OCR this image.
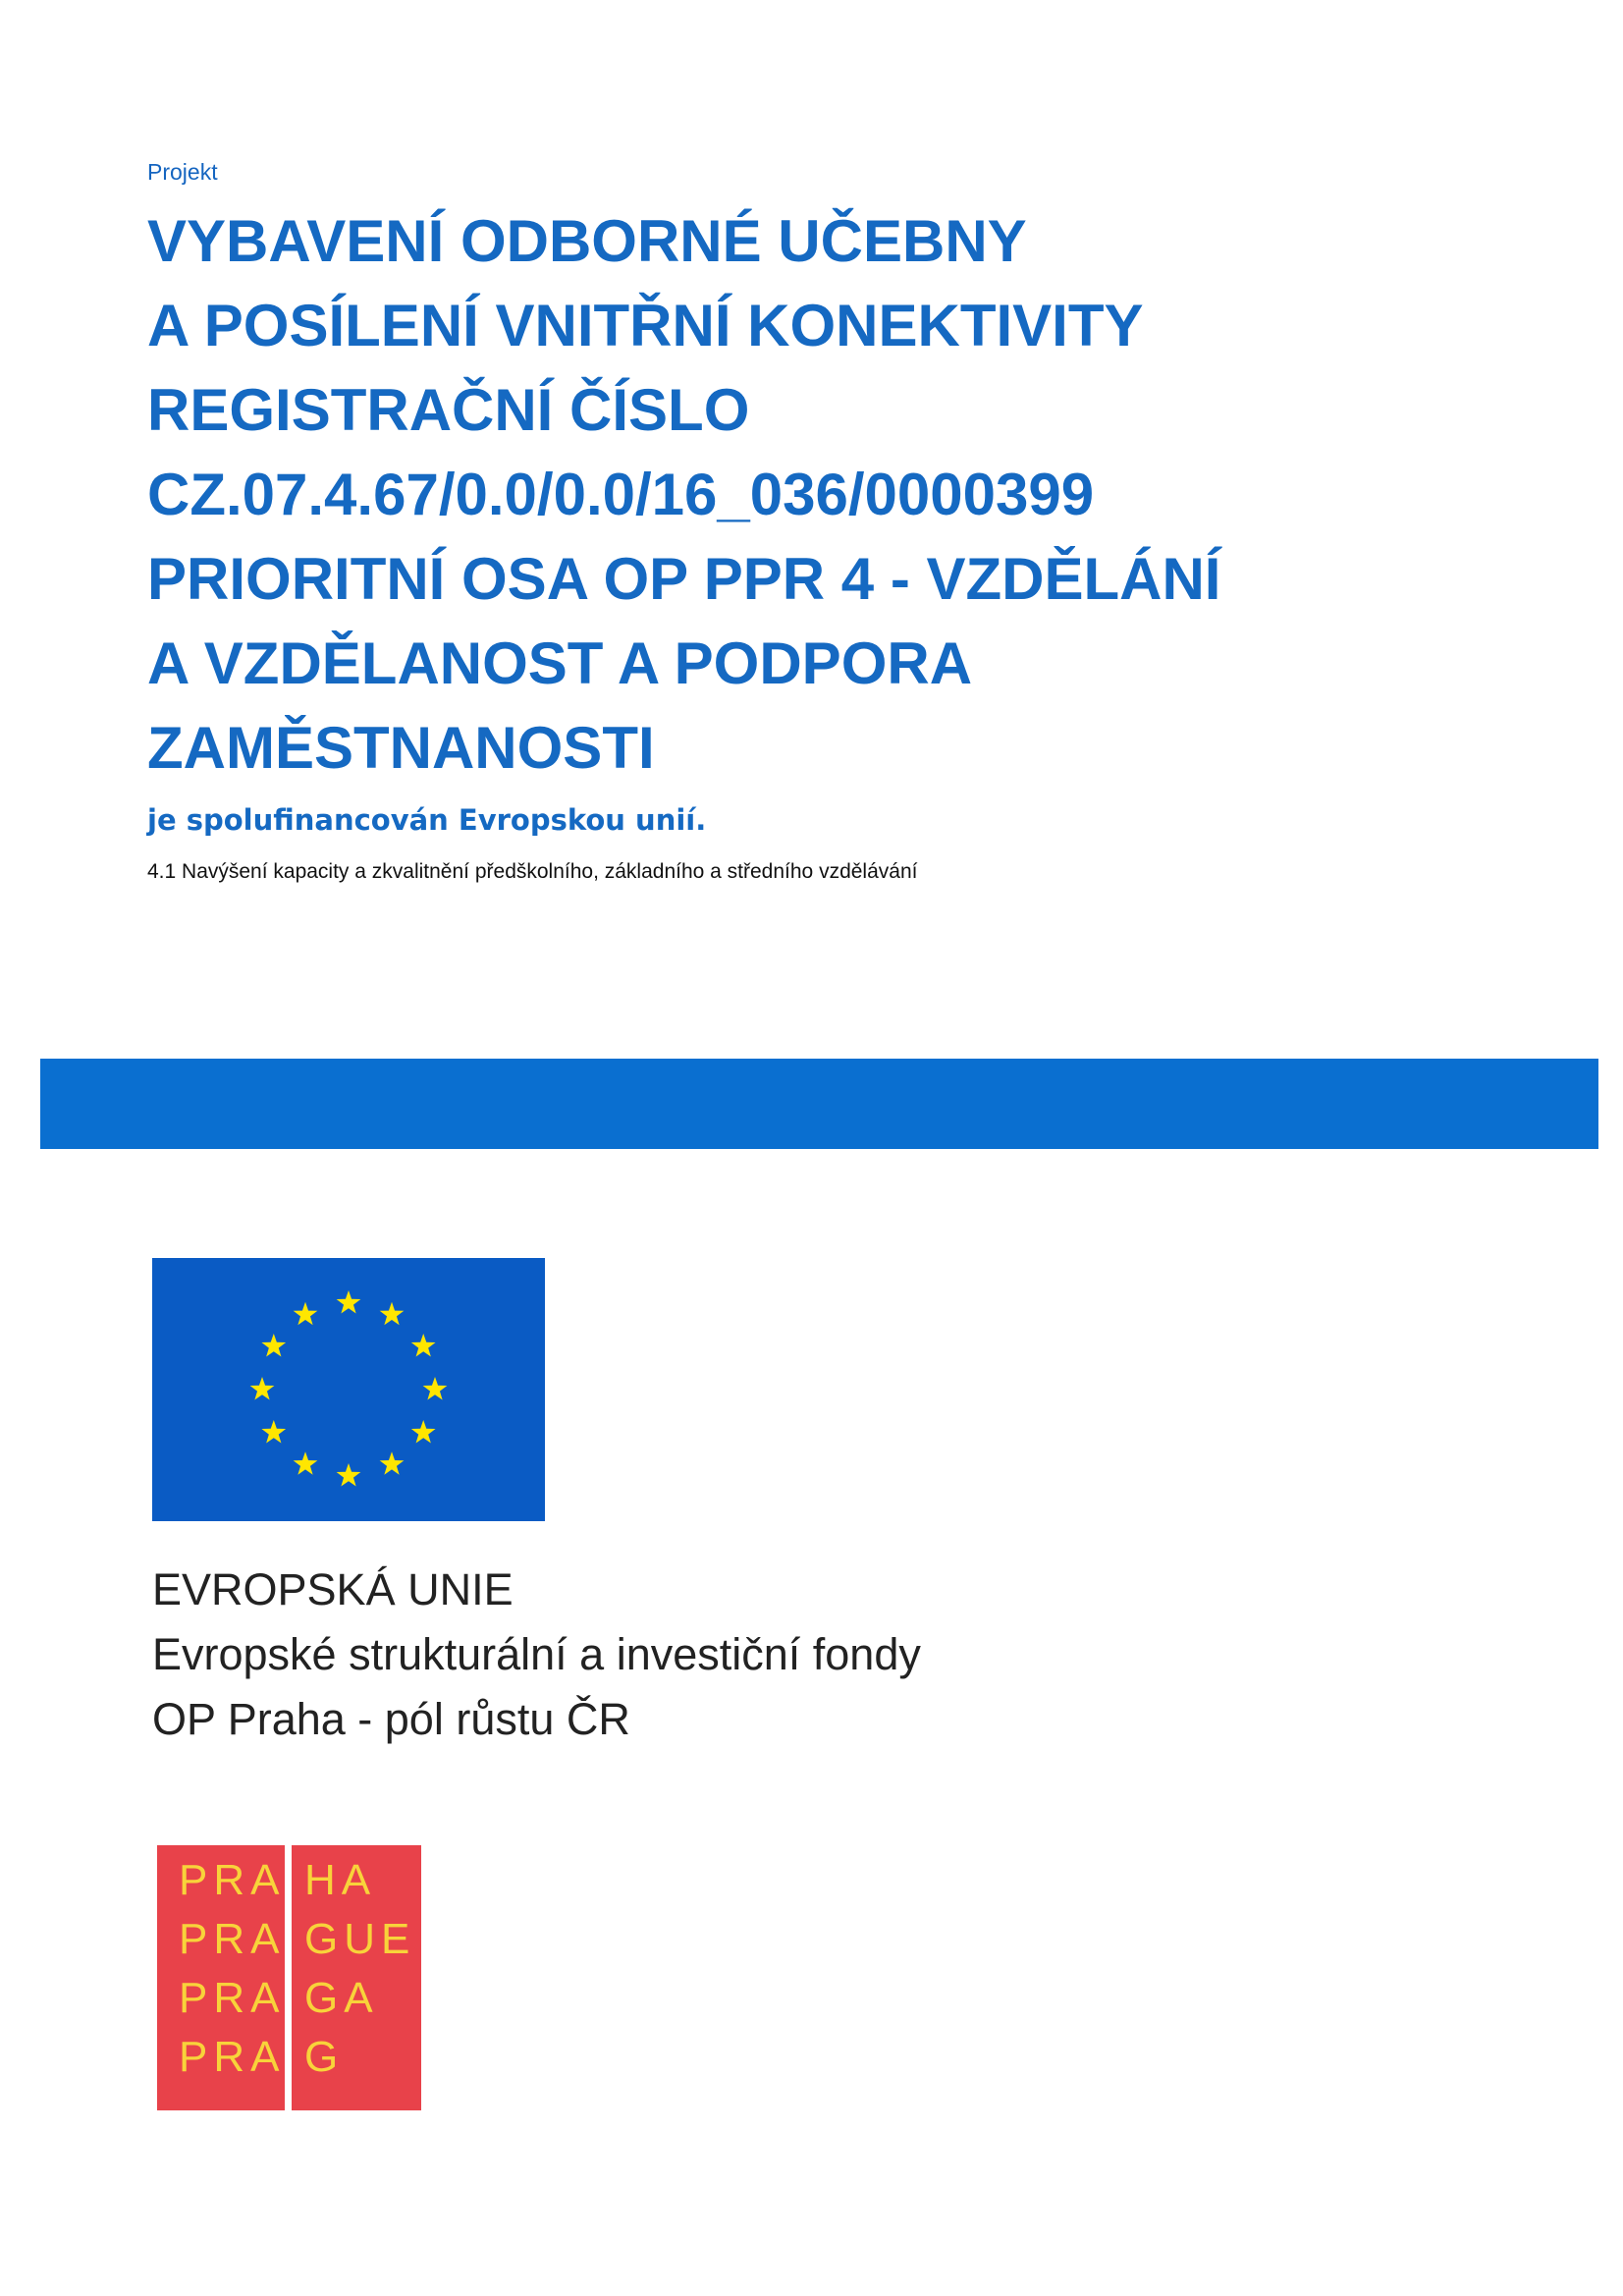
Projekt
VYBAVENÍ ODBORNÉ UČEBNY
A POSÍLENÍ VNITŘNÍ KONEKTIVITY
REGISTRAČNÍ ČÍSLO
CZ.07.4.67/0.0/0.0/16_036/0000399
PRIORITNÍ OSA OP PPR 4 - VZDĚLÁNÍ
A VZDĚLANOST A PODPORA
ZAMĚSTNANOSTI
je spolufinancován Evropskou unií.
4.1 Navýšení kapacity a zkvalitnění předškolního, základního a středního vzdělávání
EVROPSKÁ UNIE
Evropské strukturální a investiční fondy
OP Praha - pól růstu ČR
PRA
PRA
PRA
PRA
HA
GUE
GA
G
